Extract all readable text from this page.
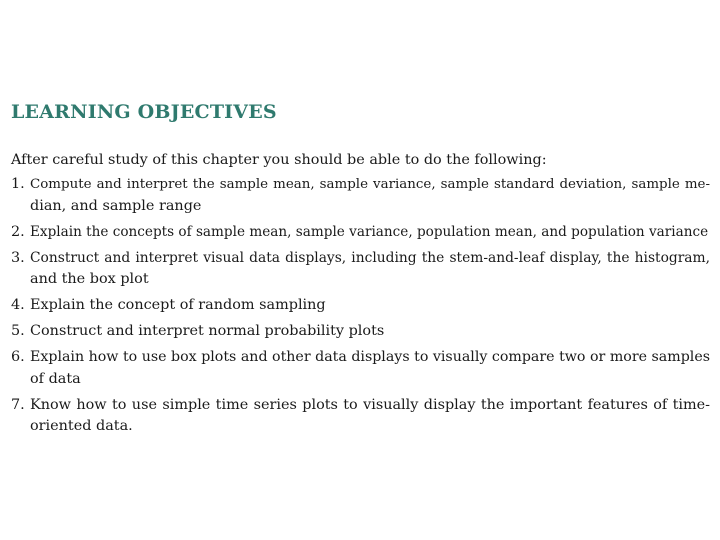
LEARNING OBJECTIVES
After careful study of this chapter you should be able to do the following:
1. Compute and interpret the sample mean, sample variance, sample standard deviation, sample me-
dian, and sample range
2. Explain the concepts of sample mean, sample variance, population mean, and population variance
3. Construct and interpret visual data displays, including the stem-and-leaf display, the histogram,
and the box plot
4. Explain the concept of random sampling
5. Construct and interpret normal probability plots
6. Explain how to use box plots and other data displays to visually compare two or more samples
of data
7. Know how to use simple time series plots to visually display the important features of time-
oriented data.
